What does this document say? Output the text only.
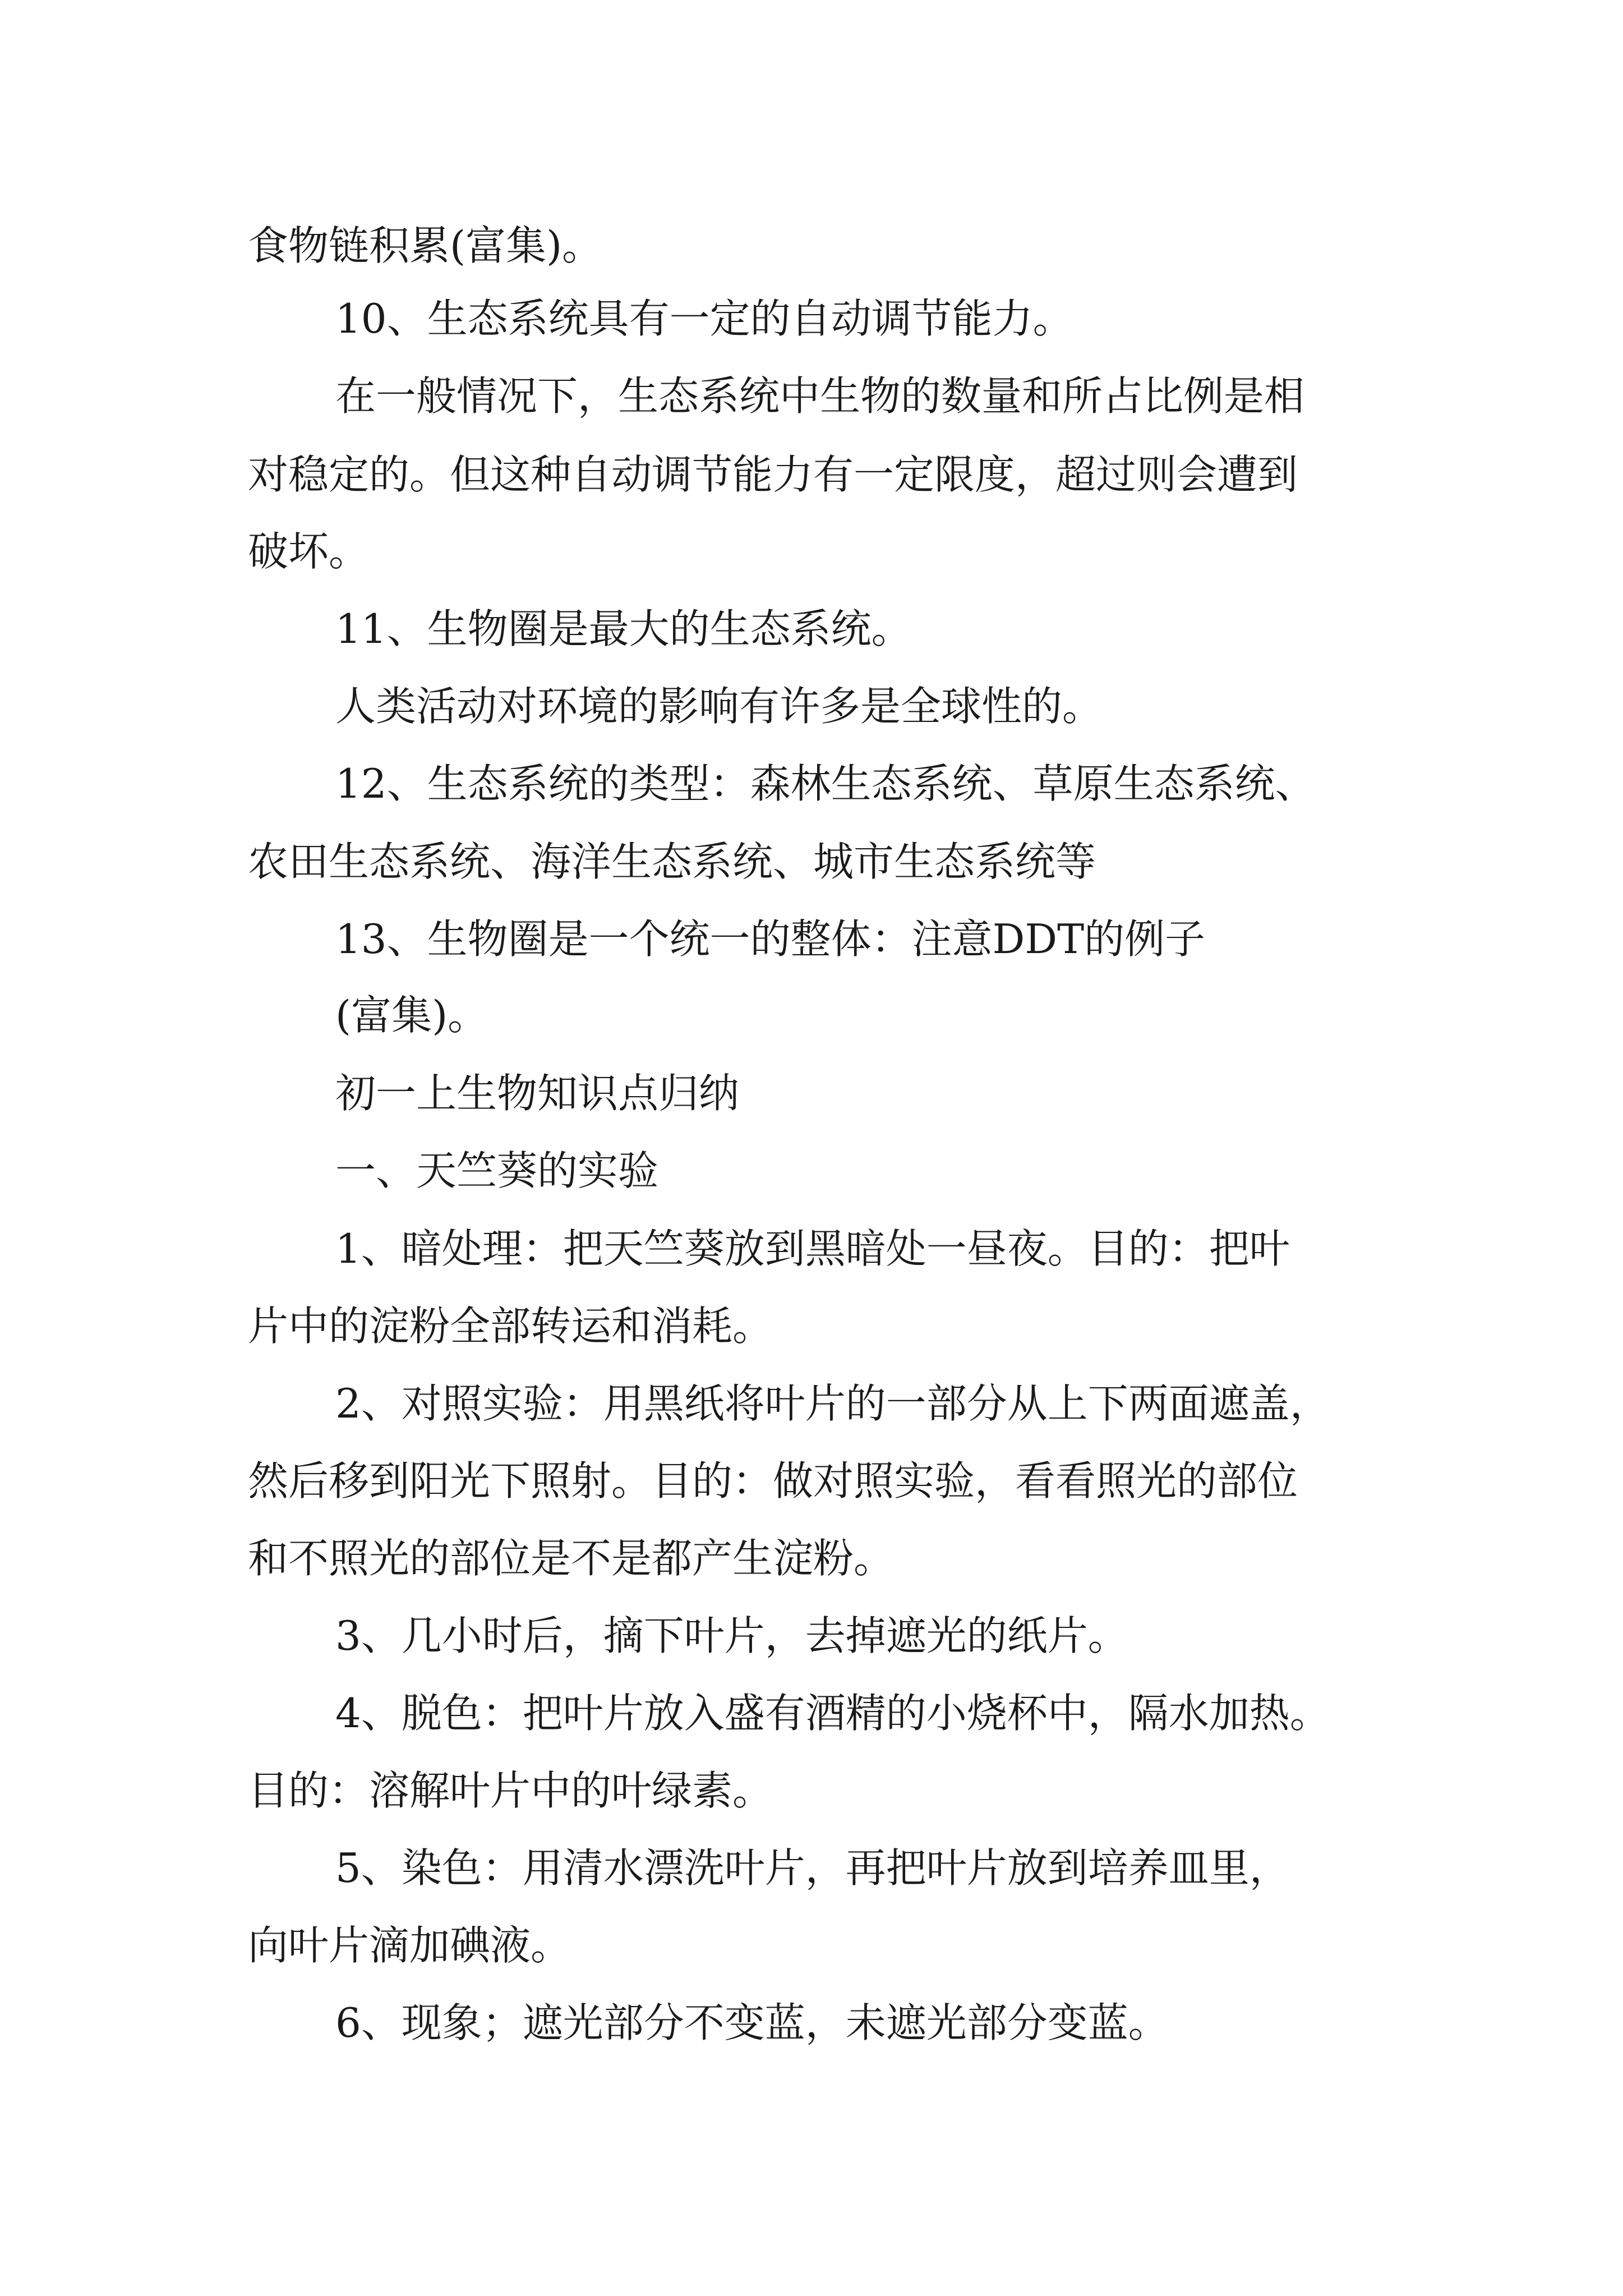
食物链积累(富集)。

10、生态系统具有一定的自动调节能力。

在一般情况下，生态系统中生物的数量和所占比例是相

对稳定的。但这种自动调节能力有一定限度，超过则会遭到

破坏。

11、生物圈是最大的生态系统。

人类活动对环境的影响有许多是全球性的。

12、生态系统的类型：森林生态系统、草原生态系统、

农田生态系统、海洋生态系统、城市生态系统等

13、生物圈是一个统一的整体：注意DDT的例子

(富集)。

初一上生物知识点归纳

一、天竺葵的实验

1、暗处理：把天竺葵放到黑暗处一昼夜。目的：把叶

片中的淀粉全部转运和消耗。

2、对照实验：用黑纸将叶片的一部分从上下两面遮盖，

然后移到阳光下照射。目的：做对照实验，看看照光的部位

和不照光的部位是不是都产生淀粉。

3、几小时后，摘下叶片，去掉遮光的纸片。

4、脱色：把叶片放入盛有酒精的小烧杯中，隔水加热。

目的：溶解叶片中的叶绿素。

5、染色：用清水漂洗叶片，再把叶片放到培养皿里，

向叶片滴加碘液。

6、现象；遮光部分不变蓝，未遮光部分变蓝。
